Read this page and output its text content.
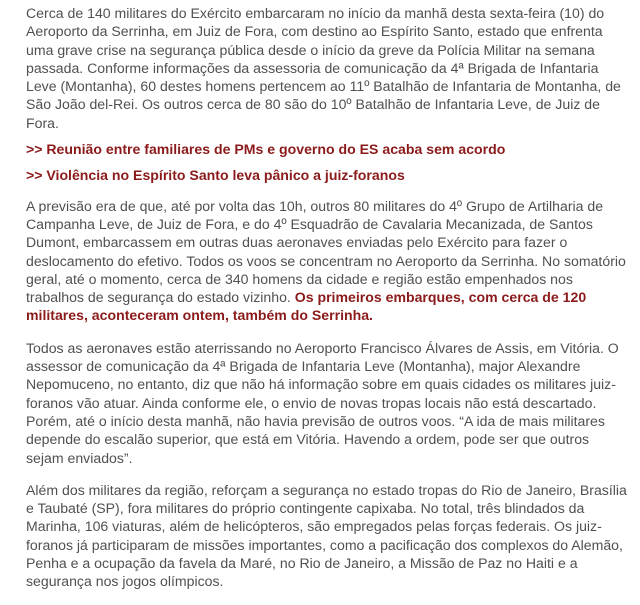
Cerca de 140 militares do Exército embarcaram no início da manhã desta sexta-feira (10) do Aeroporto da Serrinha, em Juiz de Fora, com destino ao Espírito Santo, estado que enfrenta uma grave crise na segurança pública desde o início da greve da Polícia Militar na semana passada. Conforme informações da assessoria de comunicação da 4ª Brigada de Infantaria Leve (Montanha), 60 destes homens pertencem ao 11º Batalhão de Infantaria de Montanha, de São João del-Rei. Os outros cerca de 80 são do 10º Batalhão de Infantaria Leve, de Juiz de Fora.

>> Reunião entre familiares de PMs e governo do ES acaba sem acordo
>> Violência no Espírito Santo leva pânico a juiz-foranos

A previsão era de que, até por volta das 10h, outros 80 militares do 4º Grupo de Artilharia de Campanha Leve, de Juiz de Fora, e do 4º Esquadrão de Cavalaria Mecanizada, de Santos Dumont, embarcassem em outras duas aeronaves enviadas pelo Exército para fazer o deslocamento do efetivo. Todos os voos se concentram no Aeroporto da Serrinha. No somatório geral, até o momento, cerca de 340 homens da cidade e região estão empenhados nos trabalhos de segurança do estado vizinho. Os primeiros embarques, com cerca de 120 militares, aconteceram ontem, também do Serrinha.

Todos as aeronaves estão aterrissando no Aeroporto Francisco Álvares de Assis, em Vitória. O assessor de comunicação da 4ª Brigada de Infantaria Leve (Montanha), major Alexandre Nepomuceno, no entanto, diz que não há informação sobre em quais cidades os militares juiz-foranos vão atuar. Ainda conforme ele, o envio de novas tropas locais não está descartado. Porém, até o início desta manhã, não havia previsão de outros voos. “A ida de mais militares depende do escalão superior, que está em Vitória. Havendo a ordem, pode ser que outros sejam enviados”.

Além dos militares da região, reforçam a segurança no estado tropas do Rio de Janeiro, Brasília e Taubaté (SP), fora militares do próprio contingente capixaba. No total, três blindados da Marinha, 106 viaturas, além de helicópteros, são empregados pelas forças federais. Os juiz-foranos já participaram de missões importantes, como a pacificação dos complexos do Alemão, Penha e a ocupação da favela da Maré, no Rio de Janeiro, a Missão de Paz no Haiti e a segurança nos jogos olímpicos.
